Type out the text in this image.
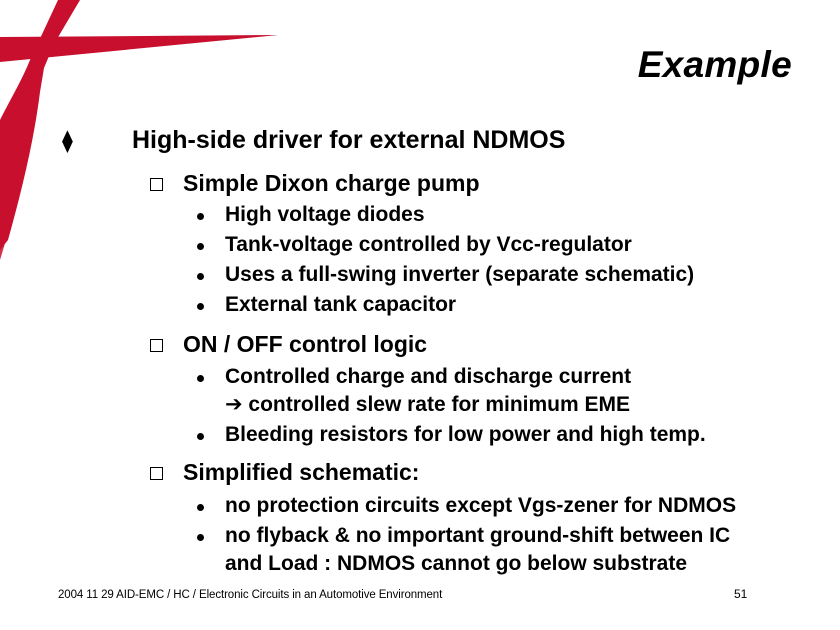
Example
⧫	High-side driver for external NDMOS
Simple Dixon charge pump
High voltage diodes
Tank-voltage controlled by Vcc-regulator
Uses a full-swing inverter (separate schematic)
External tank capacitor
ON / OFF control logic
Controlled charge and discharge current
➔ controlled slew rate for minimum EME
Bleeding resistors for low power and high temp.
Simplified schematic:
no protection circuits except Vgs-zener for NDMOS
no flyback & no important ground-shift between IC
and Load : NDMOS cannot go below substrate
2004 11 29 AID-EMC / HC / Electronic Circuits in an Automotive Environment	51
